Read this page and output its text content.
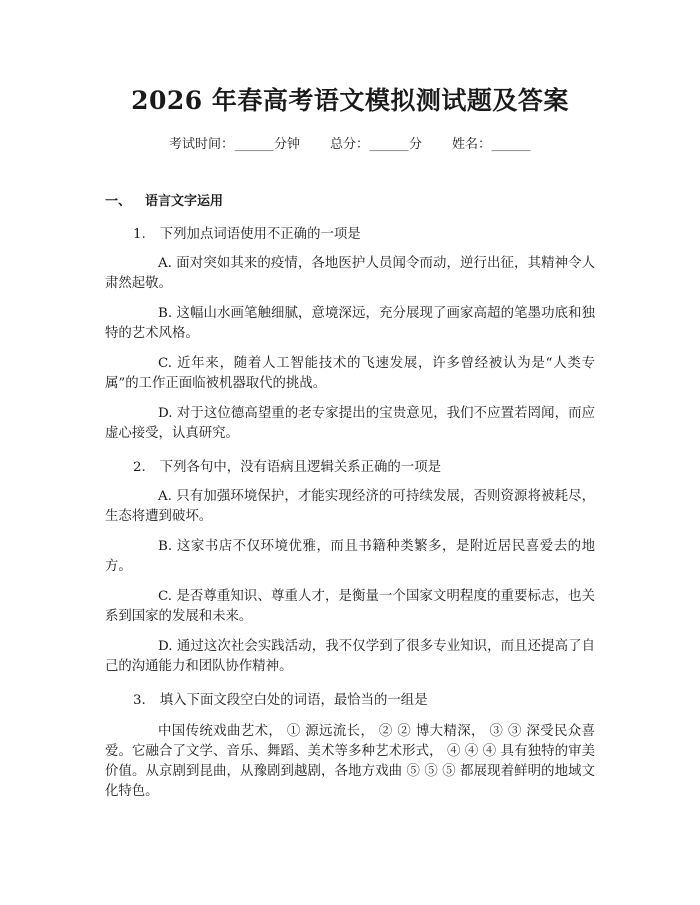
2026 年春高考语文模拟测试题及答案
考试时间：______分钟 总分：______分 姓名：______
一、 语言文字运用
1. 下列加点词语使用不正确的一项是

A. 面对突如其来的疫情，各地医护人员闻令而动，逆行出征，其精神令人肃然起敬。

B. 这幅山水画笔触细腻，意境深远，充分展现了画家高超的笔墨功底和独特的艺术风格。

C. 近年来，随着人工智能技术的飞速发展，许多曾经被认为是“人类专属”的工作正面临被机器取代的挑战。

D. 对于这位德高望重的老专家提出的宝贵意见，我们不应置若罔闻，而应虚心接受，认真研究。

2. 下列各句中，没有语病且逻辑关系正确的一项是

A. 只有加强环境保护，才能实现经济的可持续发展，否则资源将被耗尽，生态将遭到破坏。

B. 这家书店不仅环境优雅，而且书籍种类繁多，是附近居民喜爱去的地方。

C. 是否尊重知识、尊重人才，是衡量一个国家文明程度的重要标志，也关系到国家的发展和未来。

D. 通过这次社会实践活动，我不仅学到了很多专业知识，而且还提高了自己的沟通能力和团队协作精神。

3. 填入下面文段空白处的词语，最恰当的一组是

中国传统戏曲艺术， ① 源远流长， ② ② 博大精深， ③ ③ 深受民众喜爱。它融合了文学、音乐、舞蹈、美术等多种艺术形式， ④ ④ ④ 具有独特的审美价值。从京剧到昆曲，从豫剧到越剧，各地方戏曲 ⑤ ⑤ ⑤ 都展现着鲜明的地域文化特色。
